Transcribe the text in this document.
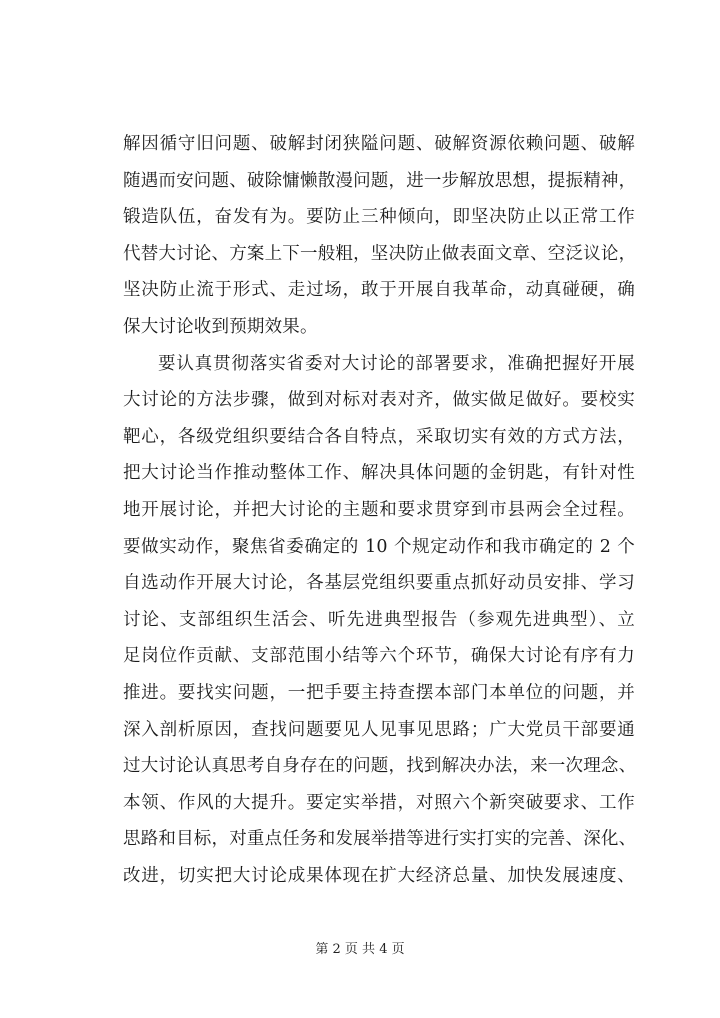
解因循守旧问题、破解封闭狭隘问题、破解资源依赖问题、破解
随遇而安问题、破除慵懒散漫问题，进一步解放思想，提振精神，
锻造队伍，奋发有为。要防止三种倾向，即坚决防止以正常工作
代替大讨论、方案上下一般粗，坚决防止做表面文章、空泛议论，
坚决防止流于形式、走过场，敢于开展自我革命，动真碰硬，确
保大讨论收到预期效果。
要认真贯彻落实省委对大讨论的部署要求，准确把握好开展
大讨论的方法步骤，做到对标对表对齐，做实做足做好。要校实
靶心，各级党组织要结合各自特点，采取切实有效的方式方法，
把大讨论当作推动整体工作、解决具体问题的金钥匙，有针对性
地开展讨论，并把大讨论的主题和要求贯穿到市县两会全过程。
要做实动作，聚焦省委确定的 10 个规定动作和我市确定的 2 个
自选动作开展大讨论，各基层党组织要重点抓好动员安排、学习
讨论、支部组织生活会、听先进典型报告（参观先进典型）、立
足岗位作贡献、支部范围小结等六个环节，确保大讨论有序有力
推进。要找实问题，一把手要主持查摆本部门本单位的问题，并
深入剖析原因，查找问题要见人见事见思路；广大党员干部要通
过大讨论认真思考自身存在的问题，找到解决办法，来一次理念、
本领、作风的大提升。要定实举措，对照六个新突破要求、工作
思路和目标，对重点任务和发展举措等进行实打实的完善、深化、
改进，切实把大讨论成果体现在扩大经济总量、加快发展速度、
第 2 页 共 4 页
